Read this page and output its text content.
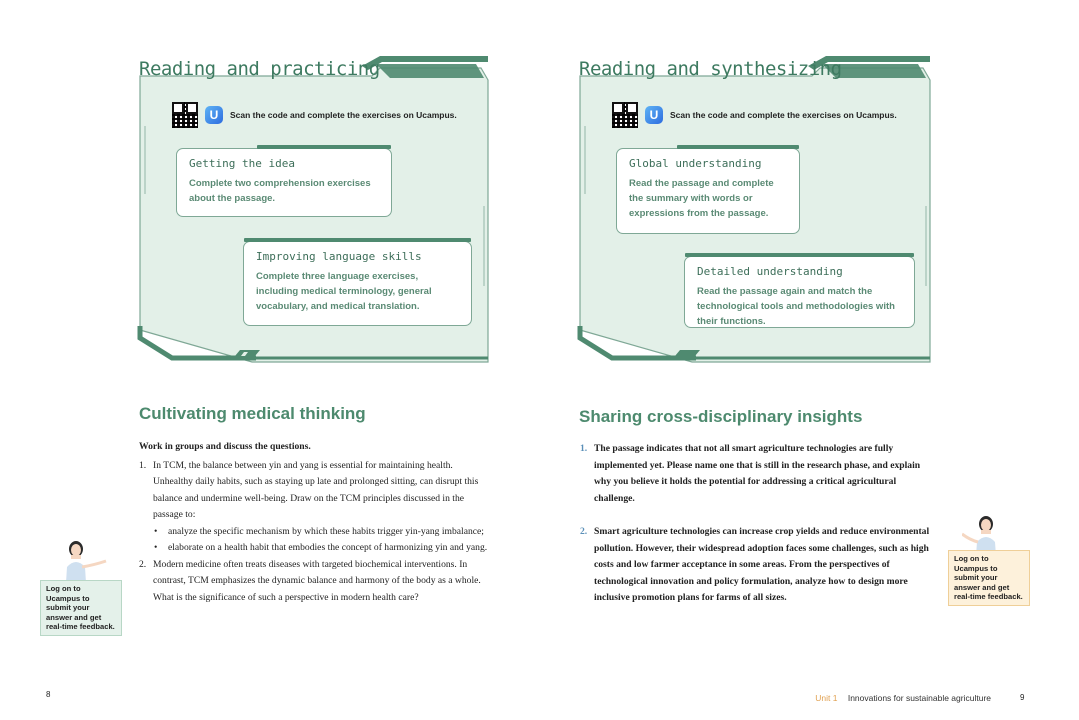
Reading and practicing
U	Scan the code and complete the exercises on Ucampus.
Getting the idea
Complete two comprehension exercises about the passage.
Improving language skills
Complete three language exercises, including medical terminology, general vocabulary, and medical translation.
Reading and synthesizing
U	Scan the code and complete the exercises on Ucampus.
Global understanding
Read the passage and complete the summary with words or expressions from the passage.
Detailed understanding
Read the passage again and match the technological tools and methodologies with their functions.
Cultivating medical thinking
Work in groups and discuss the questions.
1. In TCM, the balance between yin and yang is essential for maintaining health. Unhealthy daily habits, such as staying up late and prolonged sitting, can disrupt this balance and undermine well-being. Draw on the TCM principles discussed in the passage to:
• analyze the specific mechanism by which these habits trigger yin-yang imbalance;
• elaborate on a health habit that embodies the concept of harmonizing yin and yang.
2. Modern medicine often treats diseases with targeted biochemical interventions. In contrast, TCM emphasizes the dynamic balance and harmony of the body as a whole. What is the significance of such a perspective in modern health care?
Sharing cross-disciplinary insights
1. The passage indicates that not all smart agriculture technologies are fully implemented yet. Please name one that is still in the research phase, and explain why you believe it holds the potential for addressing a critical agricultural challenge.
2. Smart agriculture technologies can increase crop yields and reduce environmental pollution. However, their widespread adoption faces some challenges, such as high costs and low farmer acceptance in some areas. From the perspectives of technological innovation and policy formulation, analyze how to design more inclusive promotion plans for farms of all sizes.
Log on to Ucampus to submit your answer and get real-time feedback.
Log on to Ucampus to submit your answer and get real-time feedback.
8	Unit 1 Innovations for sustainable agriculture	9
